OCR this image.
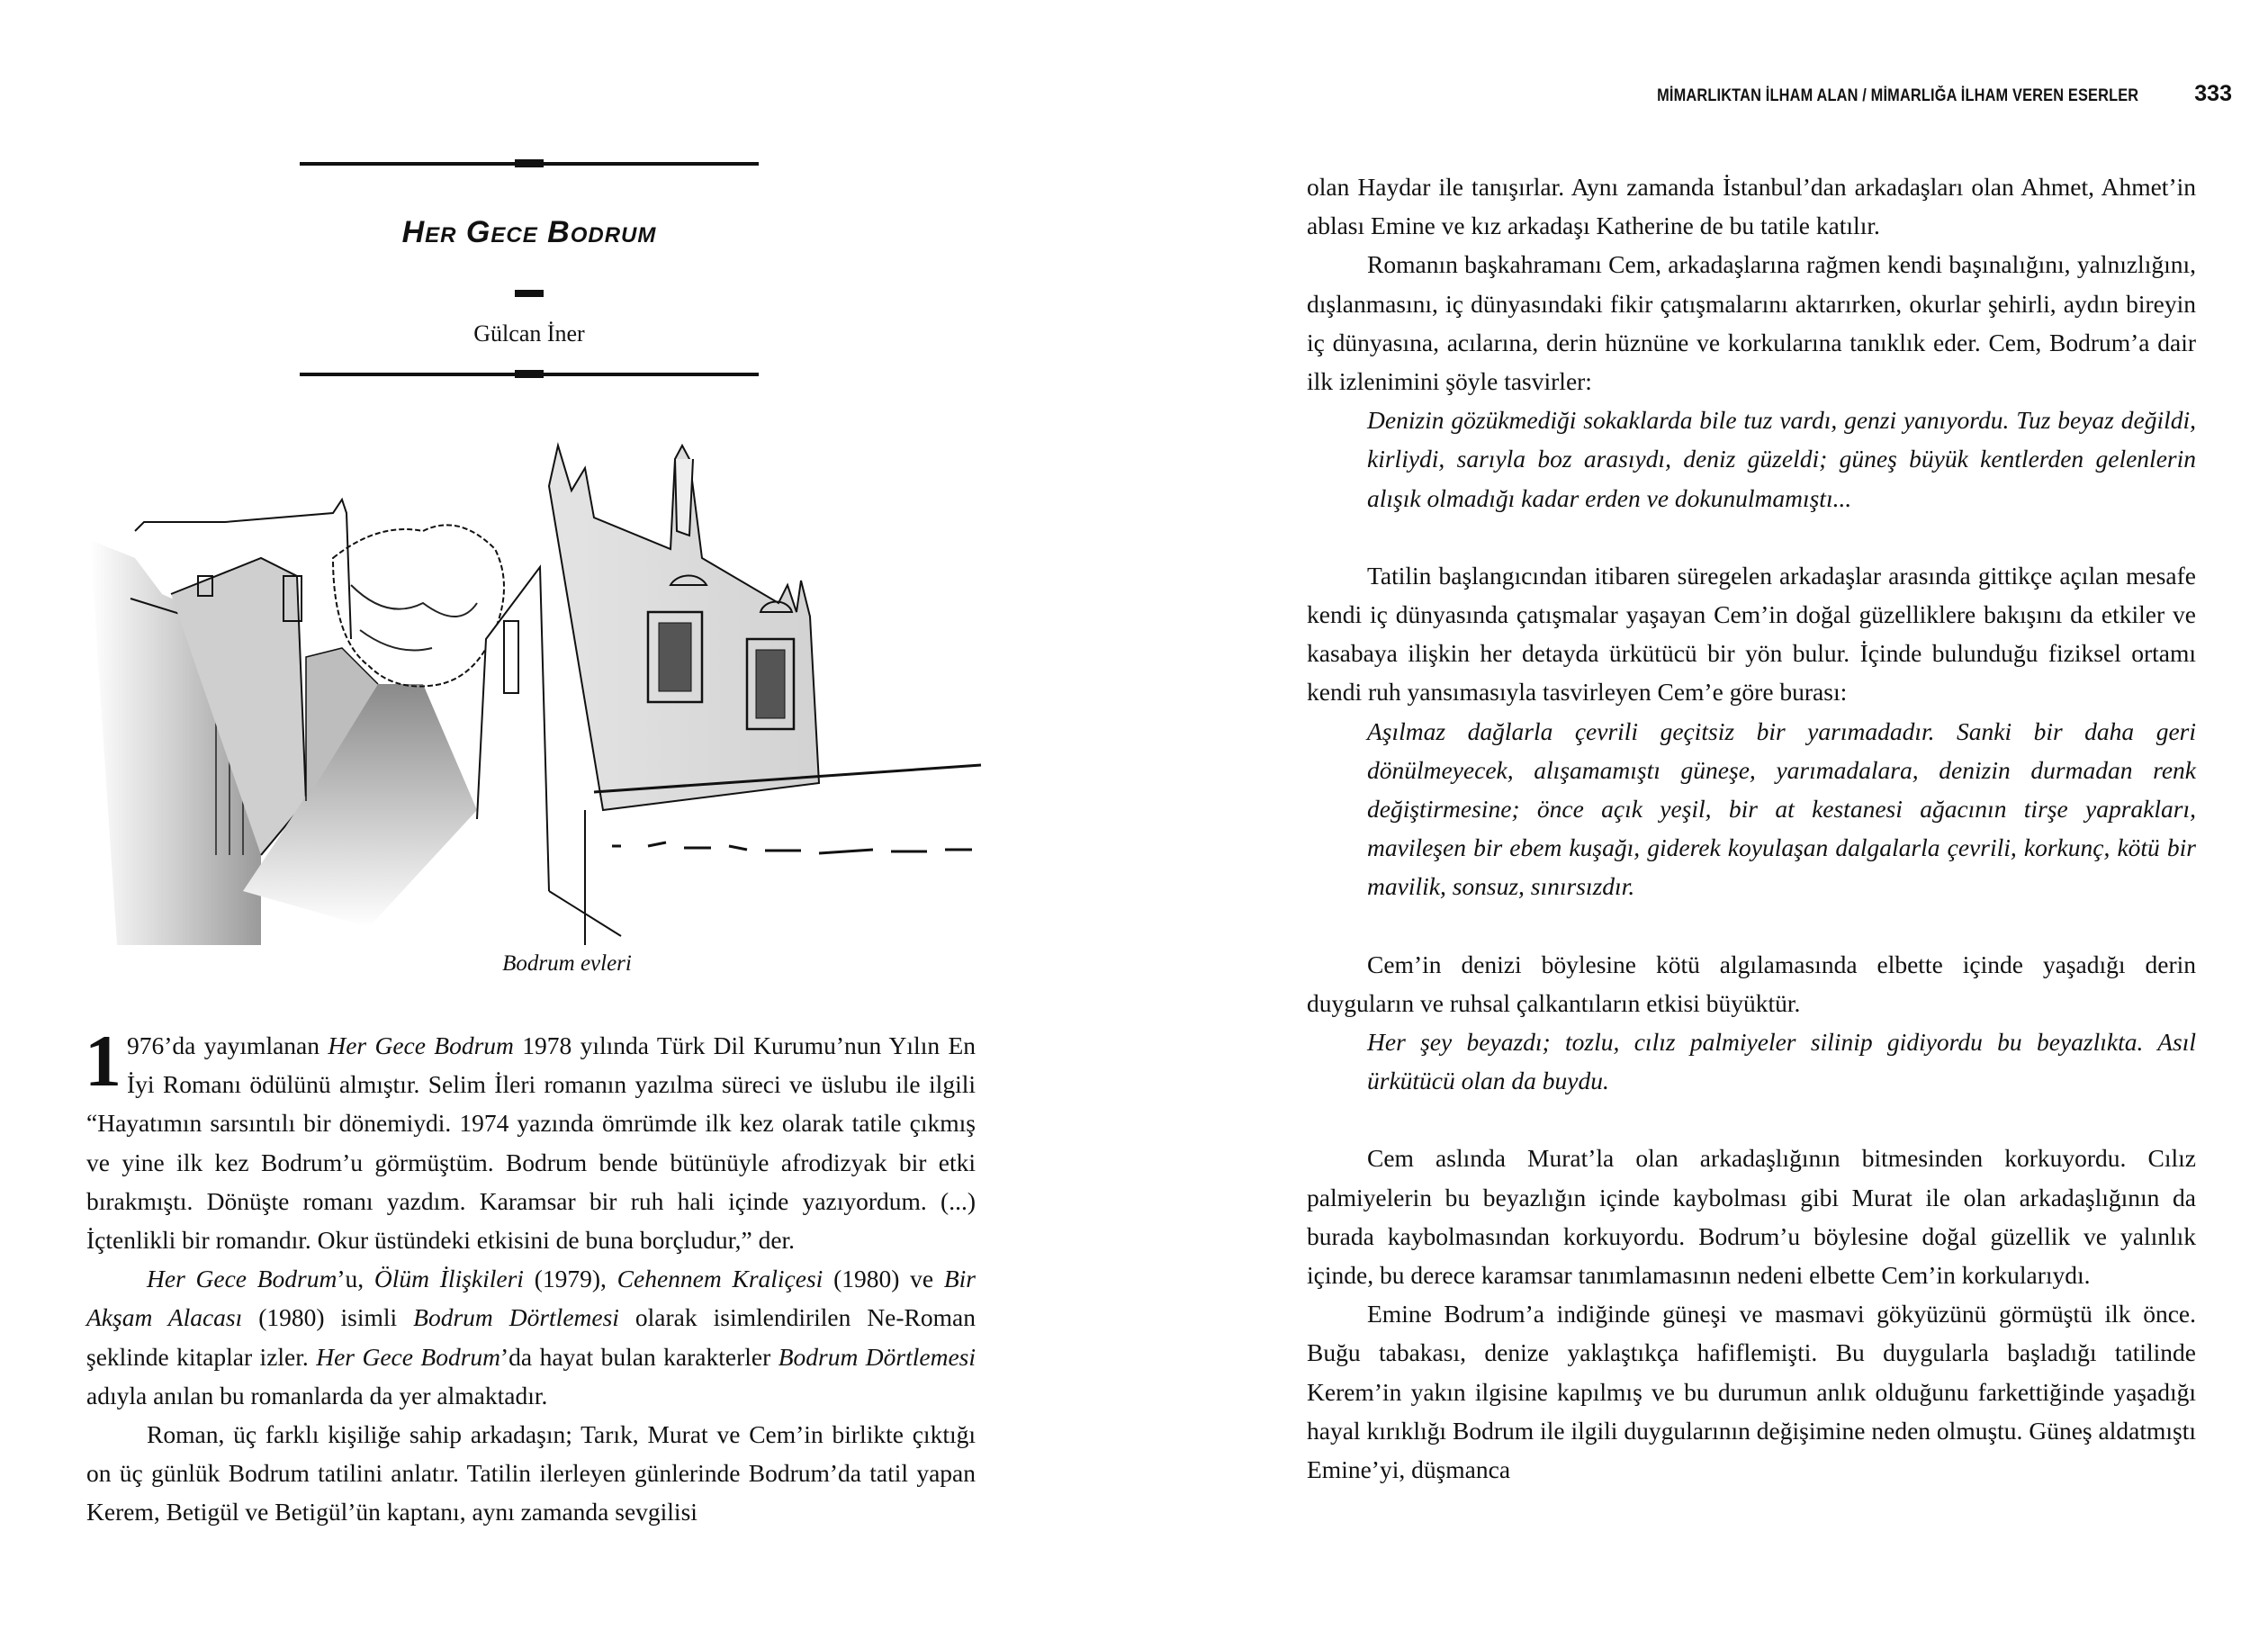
Her Gece Bodrum
Gülcan İner
Bodrum evleri

1 976’da yayımlanan Her Gece Bodrum 1978 yılında Türk Dil Kurumu’nun Yılın En İyi Romanı ödülünü almıştır. Selim İleri romanın yazılma süreci ve üslubu ile ilgili “Hayatımın sarsıntılı bir dönemiydi. 1974 yazında ömrümde ilk kez olarak tatile çıkmış ve yine ilk kez Bodrum’u görmüştüm. Bodrum bende bütünüyle afrodizyak bir etki bırakmıştı. Dönüşte romanı yazdım. Karamsar bir ruh hali içinde yazıyordum. (...) İçtenlikli bir romandır. Okur üstündeki etkisini de buna borçludur,” der.

Her Gece Bodrum’u, Ölüm İlişkileri (1979), Cehennem Kraliçesi (1980) ve Bir Akşam Alacası (1980) isimli Bodrum Dörtlemesi olarak isimlendirilen Ne-Roman şeklinde kitaplar izler. Her Gece Bodrum’da hayat bulan karakterler Bodrum Dörtlemesi adıyla anılan bu romanlarda da yer almaktadır.

Roman, üç farklı kişiliğe sahip arkadaşın; Tarık, Murat ve Cem’in birlikte çıktığı on üç günlük Bodrum tatilini anlatır. Tatilin ilerleyen günlerinde Bodrum’da tatil yapan Kerem, Betigül ve Betigül’ün kaptanı, aynı zamanda sevgilisi

MİMARLIKTAN İLHAM ALAN / MİMARLIĞA İLHAM VEREN ESERLER 333

olan Haydar ile tanışırlar. Aynı zamanda İstanbul’dan arkadaşları olan Ahmet, Ahmet’in ablası Emine ve kız arkadaşı Katherine de bu tatile katılır.

Romanın başkahramanı Cem, arkadaşlarına rağmen kendi başınalığını, yalnızlığını, dışlanmasını, iç dünyasındaki fikir çatışmalarını aktarırken, okurlar şehirli, aydın bireyin iç dünyasına, acılarına, derin hüznüne ve korkularına tanıklık eder. Cem, Bodrum’a dair ilk izlenimini şöyle tasvirler:

Denizin gözükmediği sokaklarda bile tuz vardı, genzi yanıyordu. Tuz beyaz değildi, kirliydi, sarıyla boz arasıydı, deniz güzeldi; güneş büyük kentlerden gelenlerin alışık olmadığı kadar erden ve dokunulmamıştı...

Tatilin başlangıcından itibaren süregelen arkadaşlar arasında gittikçe açılan mesafe kendi iç dünyasında çatışmalar yaşayan Cem’in doğal güzelliklere bakışını da etkiler ve kasabaya ilişkin her detayda ürkütücü bir yön bulur. İçinde bulunduğu fiziksel ortamı kendi ruh yansımasıyla tasvirleyen Cem’e göre burası:

Aşılmaz dağlarla çevrili geçitsiz bir yarımadadır. Sanki bir daha geri dönülmeyecek, alışamamıştı güneşe, yarımadalara, denizin durmadan renk değiştirmesine; önce açık yeşil, bir at kestanesi ağacının tirşe yaprakları, mavileşen bir ebem kuşağı, giderek koyulaşan dalgalarla çevrili, korkunç, kötü bir mavilik, sonsuz, sınırsızdır.

Cem’in denizi böylesine kötü algılamasında elbette içinde yaşadığı derin duyguların ve ruhsal çalkantıların etkisi büyüktür.

Her şey beyazdı; tozlu, cılız palmiyeler silinip gidiyordu bu beyazlıkta. Asıl ürkütücü olan da buydu.

Cem aslında Murat’la olan arkadaşlığının bitmesinden korkuyordu. Cılız palmiyelerin bu beyazlığın içinde kaybolması gibi Murat ile olan arkadaşlığının da burada kaybolmasından korkuyordu. Bodrum’u böylesine doğal güzellik ve yalınlık içinde, bu derece karamsar tanımlamasının nedeni elbette Cem’in korkularıydı.

Emine Bodrum’a indiğinde güneşi ve masmavi gökyüzünü görmüştü ilk önce. Buğu tabakası, denize yaklaştıkça hafiflemişti. Bu duygularla başladığı tatilinde Kerem’in yakın ilgisine kapılmış ve bu durumun anlık olduğunu farkettiğinde yaşadığı hayal kırıklığı Bodrum ile ilgili duygularının değişimine neden olmuştu. Güneş aldatmıştı Emine’yi, düşmanca
